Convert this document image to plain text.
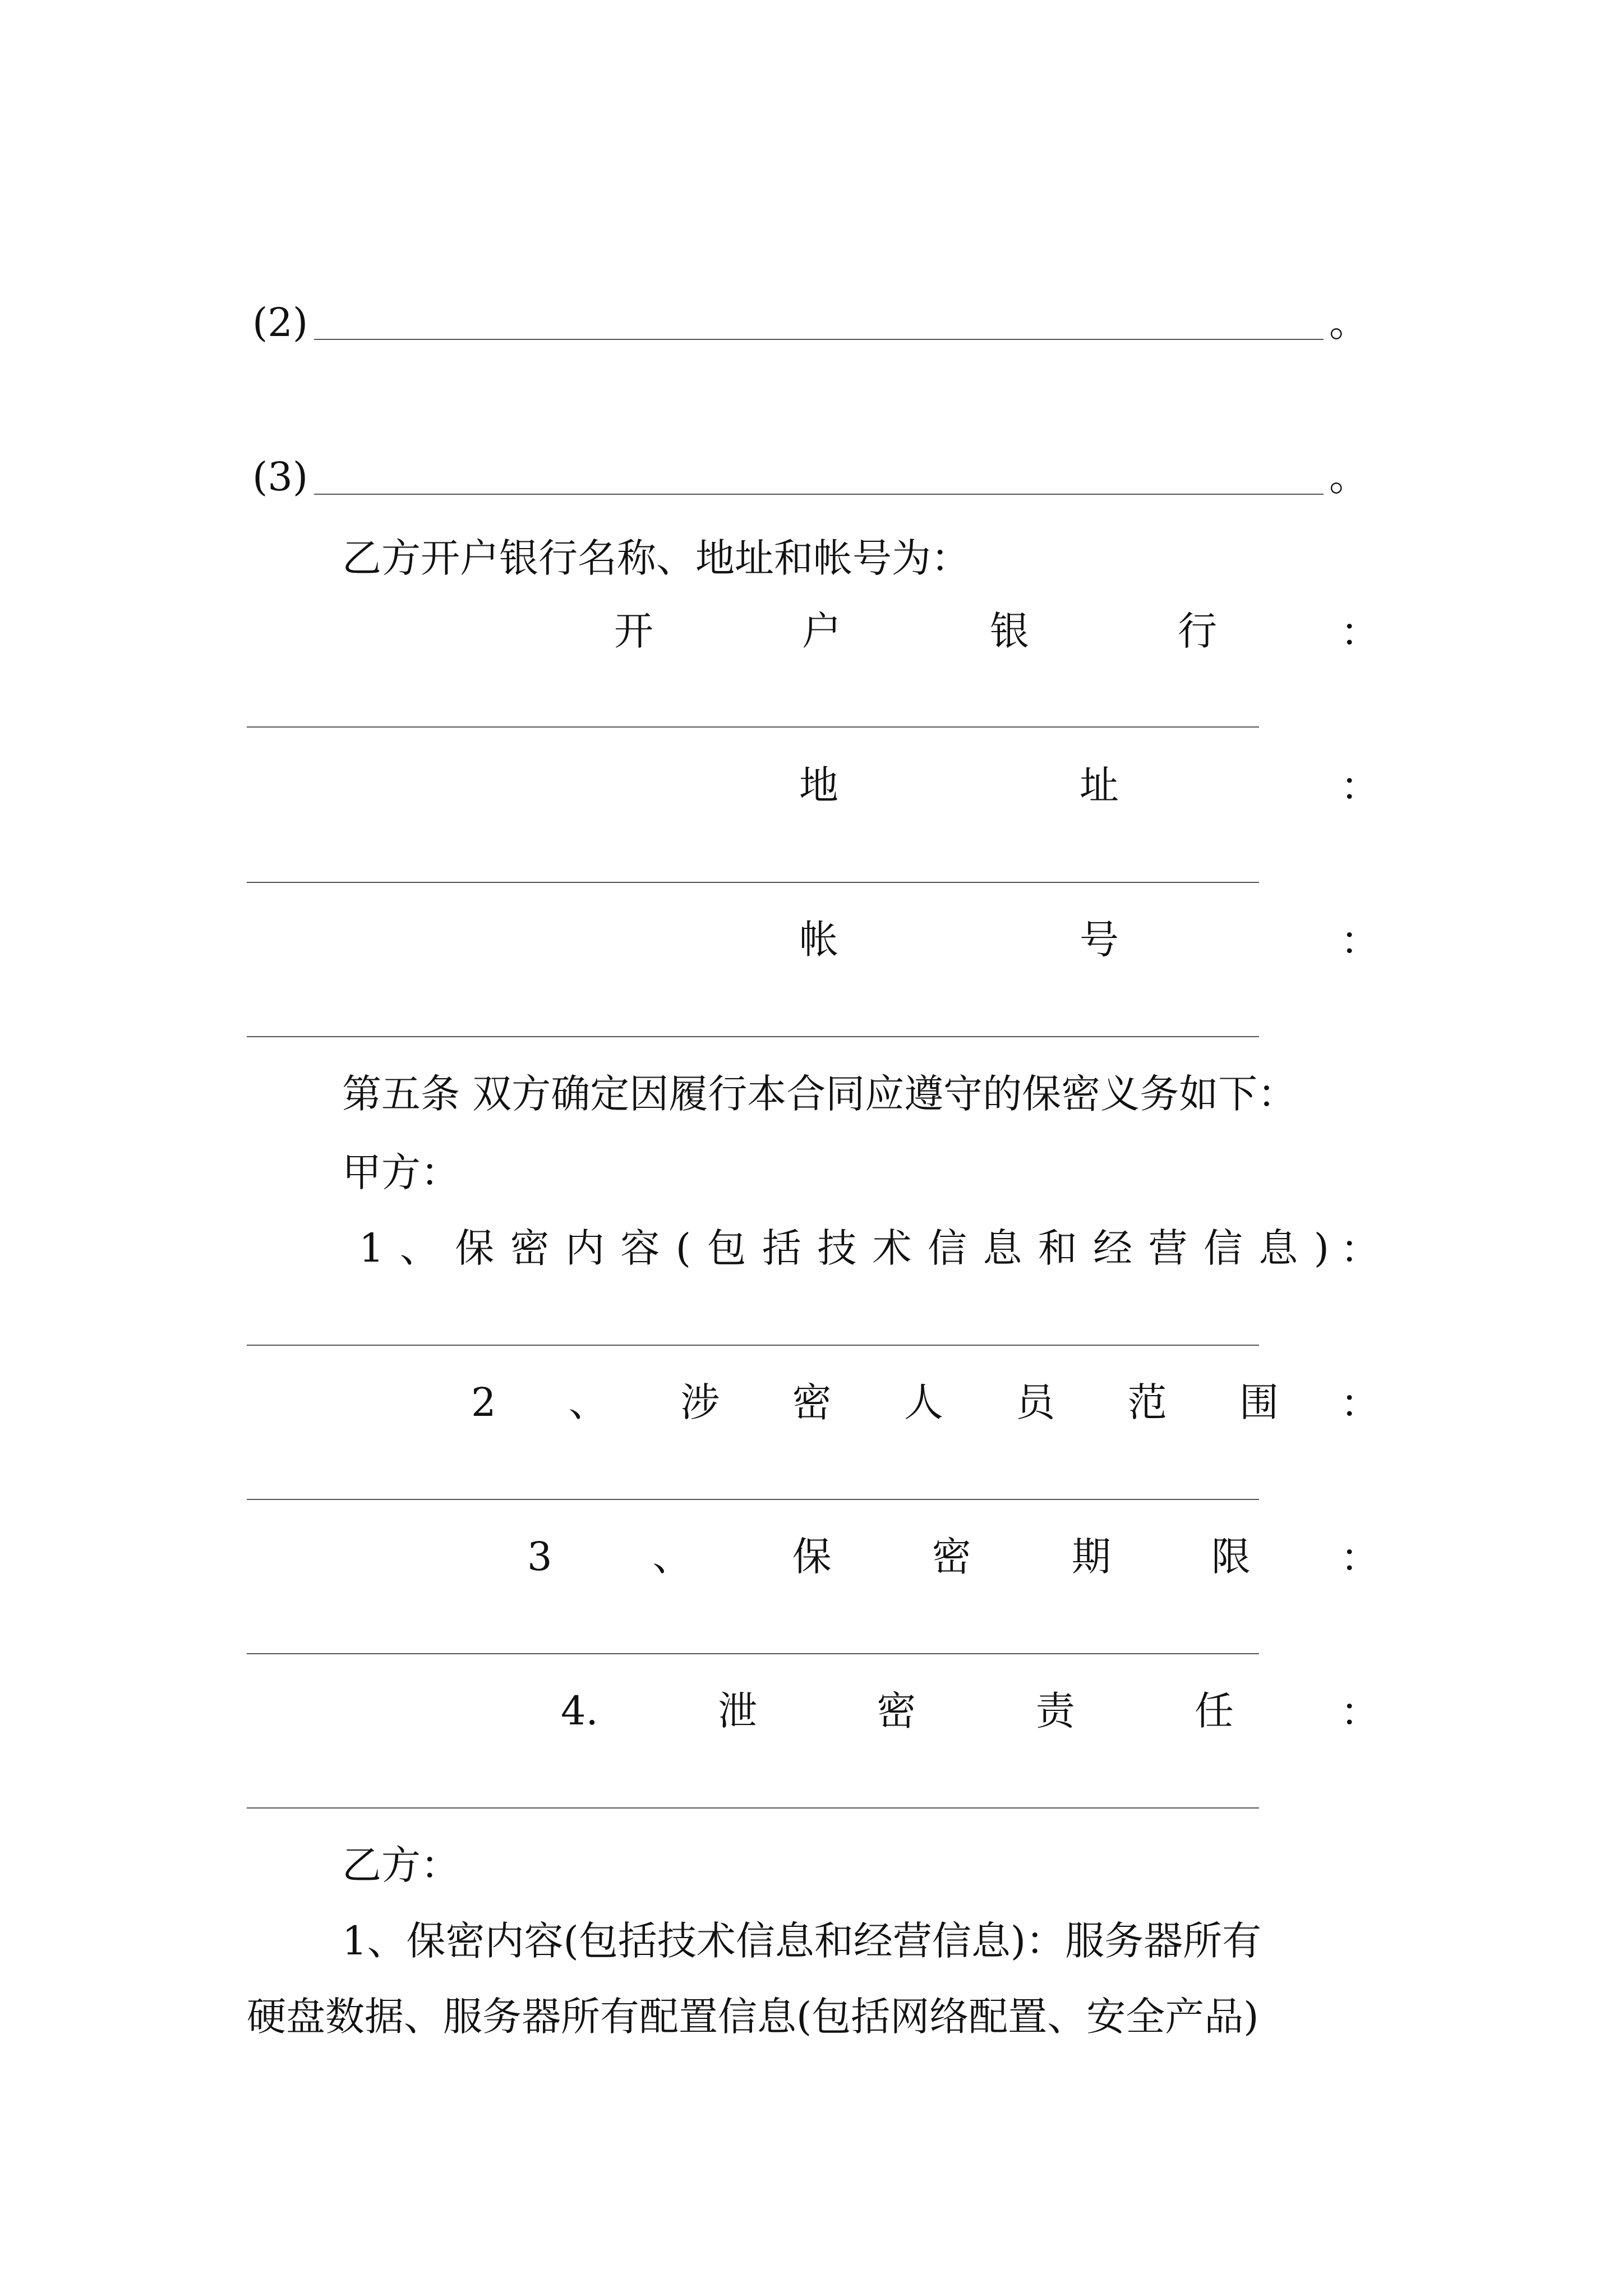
(2)	。
(3)	。
乙方开户银行名称、地址和帐号为：
开	户	银	行	：
地	址	：
帐	号	：
第五条 双方确定因履行本合同应遵守的保密义务如下：
甲方：
1 、 保 密 内 容 ( 包 括 技 术 信 息 和 经 营 信 息 ) ：
2 、 涉 密 人 员 范 围 ：
3	、	保	密	期	限 ：
4.	泄	密	责	任	：
乙方：
1、保密内容(包括技术信息和经营信息)：服务器所有
硬盘数据、服务器所有配置信息(包括网络配置、安全产品)
